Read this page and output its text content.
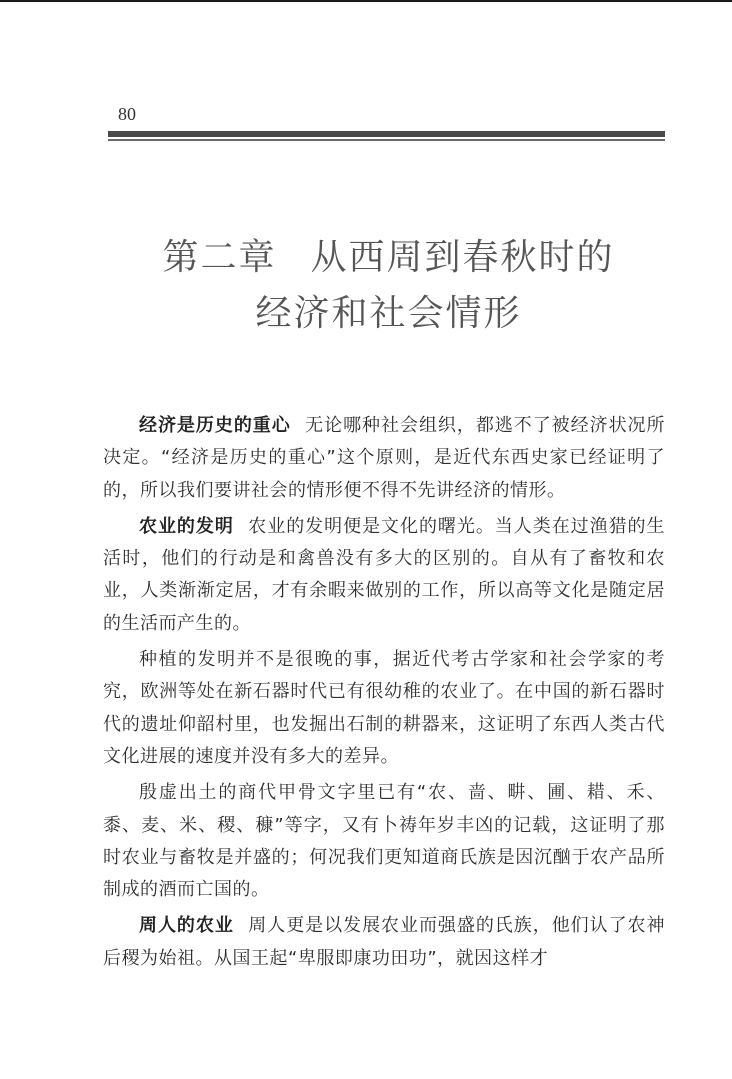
80
第二章 从西周到春秋时的
经济和社会情形

经济是历史的重心 无论哪种社会组织，都逃不了被经济状况所决定。“经济是历史的重心”这个原则，是近代东西史家已经证明了的，所以我们要讲社会的情形便不得不先讲经济的情形。

农业的发明 农业的发明便是文化的曙光。当人类在过渔猎的生活时，他们的行动是和禽兽没有多大的区别的。自从有了畜牧和农业，人类渐渐定居，才有余暇来做别的工作，所以高等文化是随定居的生活而产生的。

种植的发明并不是很晚的事，据近代考古学家和社会学家的考究，欧洲等处在新石器时代已有很幼稚的农业了。在中国的新石器时代的遗址仰韶村里，也发掘出石制的耕器来，这证明了东西人类古代文化进展的速度并没有多大的差异。

殷虚出土的商代甲骨文字里已有“农、啬、畊、圃、耤、禾、黍、麦、米、稷、穅”等字，又有卜祷年岁丰凶的记载，这证明了那时农业与畜牧是并盛的；何况我们更知道商氏族是因沉酗于农产品所制成的酒而亡国的。

周人的农业 周人更是以发展农业而强盛的氏族，他们认了农神后稷为始祖。从国王起“卑服即康功田功”，就因这样才
